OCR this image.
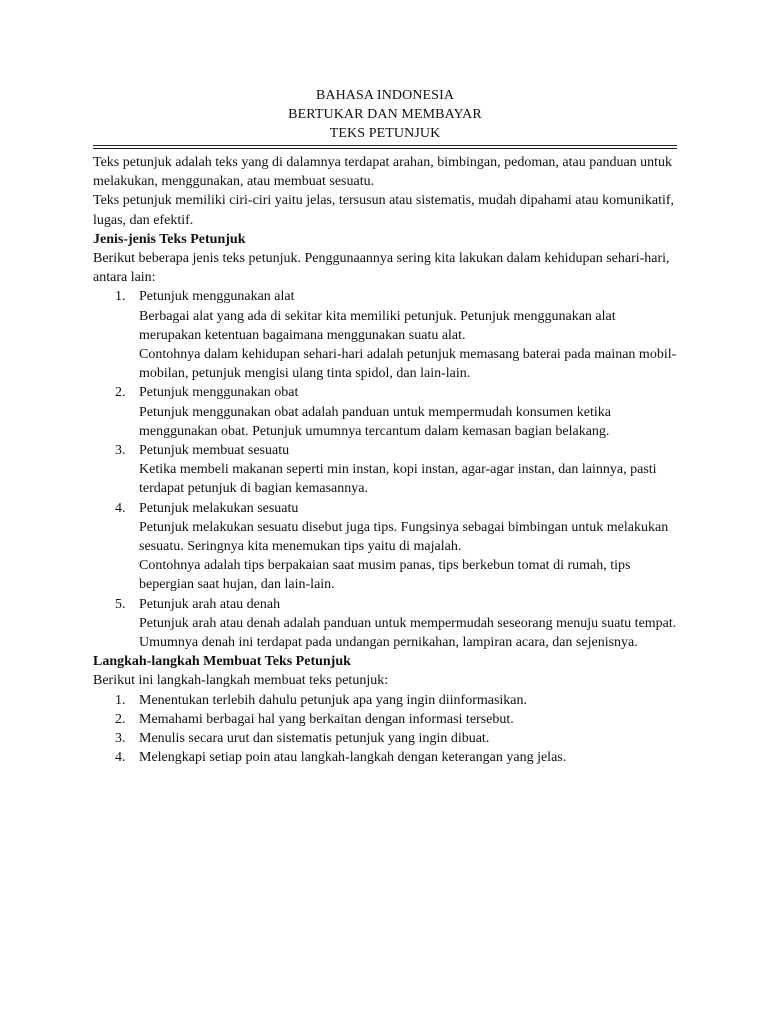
BAHASA INDONESIA
BERTUKAR DAN MEMBAYAR
TEKS PETUNJUK

Teks petunjuk adalah teks yang di dalamnya terdapat arahan, bimbingan, pedoman, atau panduan untuk melakukan, menggunakan, atau membuat sesuatu.

Teks petunjuk memiliki ciri-ciri yaitu jelas, tersusun atau sistematis, mudah dipahami atau komunikatif, lugas, dan efektif.

Jenis-jenis Teks Petunjuk

Berikut beberapa jenis teks petunjuk. Penggunaannya sering kita lakukan dalam kehidupan sehari-hari, antara lain:

1. Petunjuk menggunakan alat
Berbagai alat yang ada di sekitar kita memiliki petunjuk. Petunjuk menggunakan alat merupakan ketentuan bagaimana menggunakan suatu alat.
Contohnya dalam kehidupan sehari-hari adalah petunjuk memasang baterai pada mainan mobil-mobilan, petunjuk mengisi ulang tinta spidol, dan lain-lain.
2. Petunjuk menggunakan obat
Petunjuk menggunakan obat adalah panduan untuk mempermudah konsumen ketika menggunakan obat. Petunjuk umumnya tercantum dalam kemasan bagian belakang.
3. Petunjuk membuat sesuatu
Ketika membeli makanan seperti min instan, kopi instan, agar-agar instan, dan lainnya, pasti terdapat petunjuk di bagian kemasannya.
4. Petunjuk melakukan sesuatu
Petunjuk melakukan sesuatu disebut juga tips. Fungsinya sebagai bimbingan untuk melakukan sesuatu. Seringnya kita menemukan tips yaitu di majalah.
Contohnya adalah tips berpakaian saat musim panas, tips berkebun tomat di rumah, tips bepergian saat hujan, dan lain-lain.
5. Petunjuk arah atau denah
Petunjuk arah atau denah adalah panduan untuk mempermudah seseorang menuju suatu tempat. Umumnya denah ini terdapat pada undangan pernikahan, lampiran acara, dan sejenisnya.
Langkah-langkah Membuat Teks Petunjuk

Berikut ini langkah-langkah membuat teks petunjuk:

1. Menentukan terlebih dahulu petunjuk apa yang ingin diinformasikan.
2. Memahami berbagai hal yang berkaitan dengan informasi tersebut.
3. Menulis secara urut dan sistematis petunjuk yang ingin dibuat.
4. Melengkapi setiap poin atau langkah-langkah dengan keterangan yang jelas.
